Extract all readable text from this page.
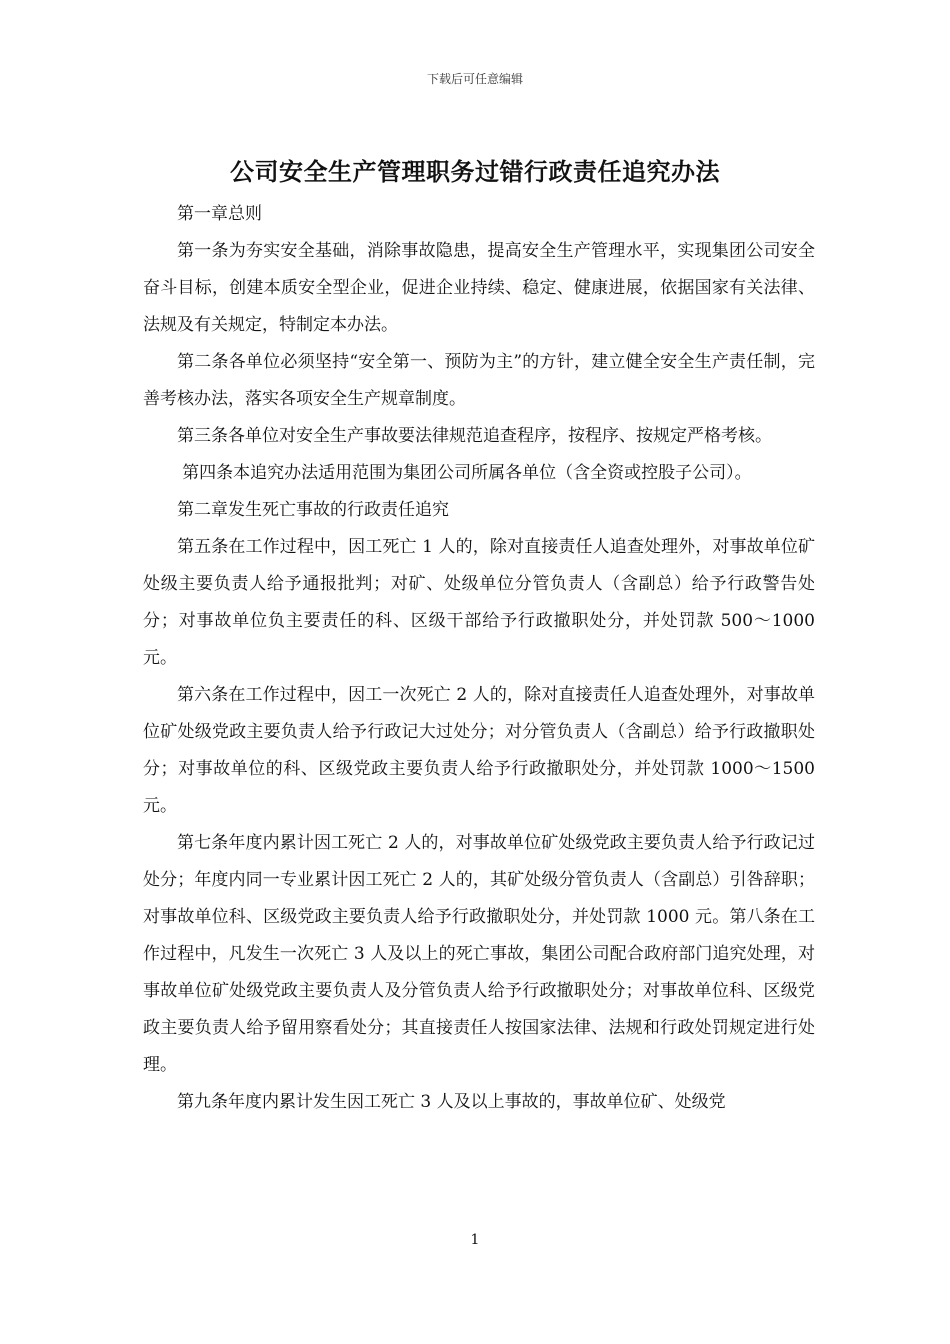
下载后可任意编辑
公司安全生产管理职务过错行政责任追究办法

第一章总则

第一条为夯实安全基础，消除事故隐患，提高安全生产管理水平，实现集团公司安全奋斗目标，创建本质安全型企业，促进企业持续、稳定、健康进展，依据国家有关法律、法规及有关规定，特制定本办法。

第二条各单位必须坚持“安全第一、预防为主”的方针，建立健全安全生产责任制，完善考核办法，落实各项安全生产规章制度。

第三条各单位对安全生产事故要法律规范追查程序，按程序、按规定严格考核。

第四条本追究办法适用范围为集团公司所属各单位（含全资或控股子公司）。

第二章发生死亡事故的行政责任追究

第五条在工作过程中，因工死亡 1 人的，除对直接责任人追查处理外，对事故单位矿处级主要负责人给予通报批判；对矿、处级单位分管负责人（含副总）给予行政警告处分；对事故单位负主要责任的科、区级干部给予行政撤职处分，并处罚款 500～1000 元。

第六条在工作过程中，因工一次死亡 2 人的，除对直接责任人追查处理外，对事故单位矿处级党政主要负责人给予行政记大过处分；对分管负责人（含副总）给予行政撤职处分；对事故单位的科、区级党政主要负责人给予行政撤职处分，并处罚款 1000～1500 元。

第七条年度内累计因工死亡 2 人的，对事故单位矿处级党政主要负责人给予行政记过处分；年度内同一专业累计因工死亡 2 人的，其矿处级分管负责人（含副总）引咎辞职；对事故单位科、区级党政主要负责人给予行政撤职处分，并处罚款 1000 元。第八条在工作过程中，凡发生一次死亡 3 人及以上的死亡事故，集团公司配合政府部门追究处理，对事故单位矿处级党政主要负责人及分管负责人给予行政撤职处分；对事故单位科、区级党政主要负责人给予留用察看处分；其直接责任人按国家法律、法规和行政处罚规定进行处理。

第九条年度内累计发生因工死亡 3 人及以上事故的，事故单位矿、处级党

1
